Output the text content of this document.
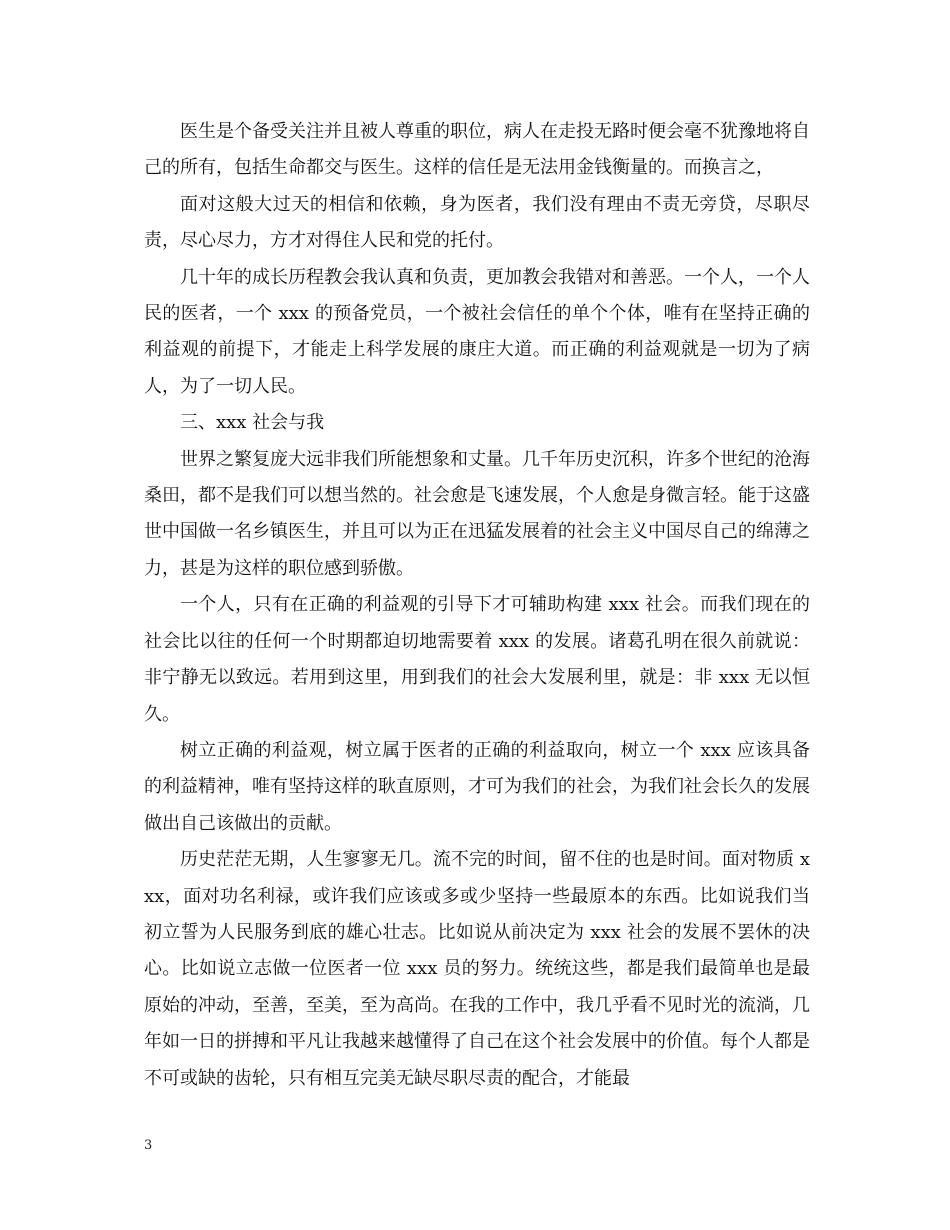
医生是个备受关注并且被人尊重的职位，病人在走投无路时便会毫不犹豫地将自己的所有，包括生命都交与医生。这样的信任是无法用金钱衡量的。而换言之，

面对这般大过天的相信和依赖，身为医者，我们没有理由不责无旁贷，尽职尽责，尽心尽力，方才对得住人民和党的托付。

几十年的成长历程教会我认真和负责，更加教会我错对和善恶。一个人，一个人民的医者，一个 xxx 的预备党员，一个被社会信任的单个个体，唯有在坚持正确的利益观的前提下，才能走上科学发展的康庄大道。而正确的利益观就是一切为了病人，为了一切人民。

三、xxx 社会与我

世界之繁复庞大远非我们所能想象和丈量。几千年历史沉积，许多个世纪的沧海桑田，都不是我们可以想当然的。社会愈是飞速发展，个人愈是身微言轻。能于这盛世中国做一名乡镇医生，并且可以为正在迅猛发展着的社会主义中国尽自己的绵薄之力，甚是为这样的职位感到骄傲。

一个人，只有在正确的利益观的引导下才可辅助构建 xxx 社会。而我们现在的社会比以往的任何一个时期都迫切地需要着 xxx 的发展。诸葛孔明在很久前就说：非宁静无以致远。若用到这里，用到我们的社会大发展利里，就是：非 xxx 无以恒久。

树立正确的利益观，树立属于医者的正确的利益取向，树立一个 xxx 应该具备的利益精神，唯有坚持这样的耿直原则，才可为我们的社会，为我们社会长久的发展做出自己该做出的贡献。

历史茫茫无期，人生寥寥无几。流不完的时间，留不住的也是时间。面对物质 xxx，面对功名利禄，或许我们应该或多或少坚持一些最原本的东西。比如说我们当初立誓为人民服务到底的雄心壮志。比如说从前决定为 xxx 社会的发展不罢休的决心。比如说立志做一位医者一位 xxx 员的努力。统统这些，都是我们最简单也是最原始的冲动，至善，至美，至为高尚。在我的工作中，我几乎看不见时光的流淌，几年如一日的拼搏和平凡让我越来越懂得了自己在这个社会发展中的价值。每个人都是不可或缺的齿轮，只有相互完美无缺尽职尽责的配合，才能最

3
